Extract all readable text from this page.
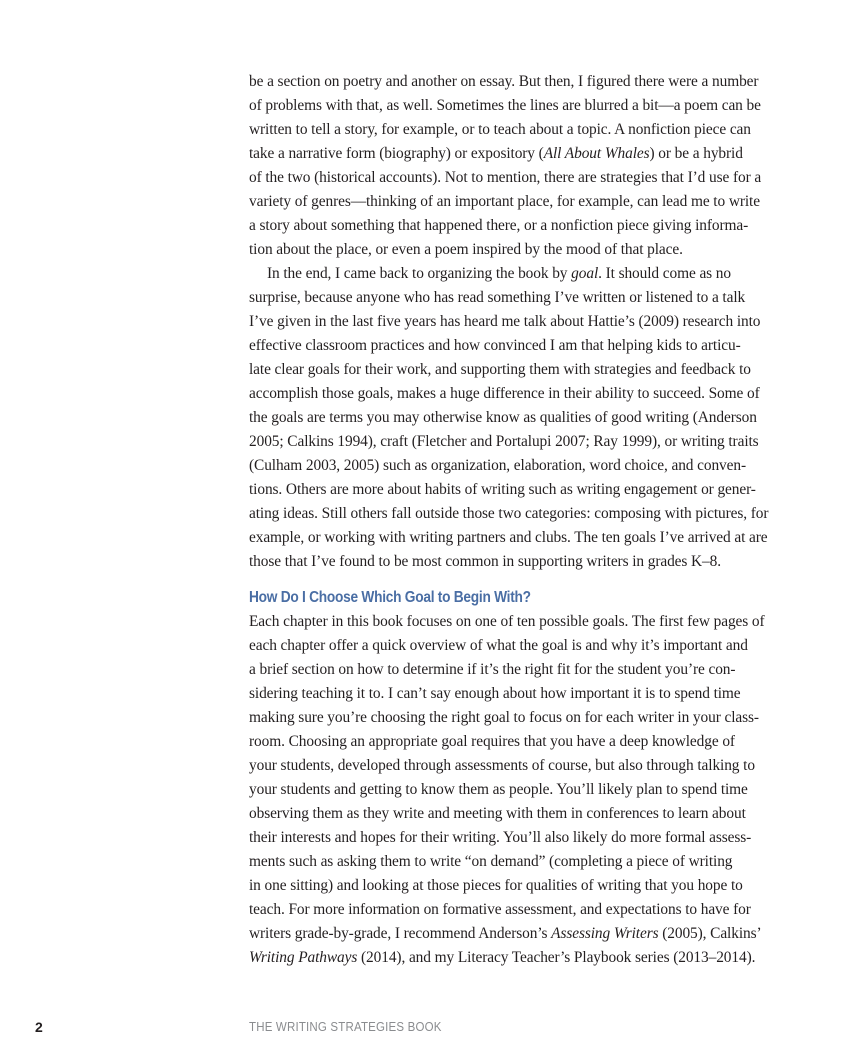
be a section on poetry and another on essay. But then, I figured there were a number
of problems with that, as well. Sometimes the lines are blurred a bit—a poem can be
written to tell a story, for example, or to teach about a topic. A nonfiction piece can
take a narrative form (biography) or expository (All About Whales) or be a hybrid
of the two (historical accounts). Not to mention, there are strategies that I’d use for a
variety of genres—thinking of an important place, for example, can lead me to write
a story about something that happened there, or a nonfiction piece giving informa-
tion about the place, or even a poem inspired by the mood of that place.
In the end, I came back to organizing the book by goal. It should come as no
surprise, because anyone who has read something I’ve written or listened to a talk
I’ve given in the last five years has heard me talk about Hattie’s (2009) research into
effective classroom practices and how convinced I am that helping kids to articu-
late clear goals for their work, and supporting them with strategies and feedback to
accomplish those goals, makes a huge difference in their ability to succeed. Some of
the goals are terms you may otherwise know as qualities of good writing (Anderson
2005; Calkins 1994), craft (Fletcher and Portalupi 2007; Ray 1999), or writing traits
(Culham 2003, 2005) such as organization, elaboration, word choice, and conven-
tions. Others are more about habits of writing such as writing engagement or gener-
ating ideas. Still others fall outside those two categories: composing with pictures, for
example, or working with writing partners and clubs. The ten goals I’ve arrived at are
those that I’ve found to be most common in supporting writers in grades K–8.
How Do I Choose Which Goal to Begin With?
Each chapter in this book focuses on one of ten possible goals. The first few pages of
each chapter offer a quick overview of what the goal is and why it’s important and
a brief section on how to determine if it’s the right fit for the student you’re con-
sidering teaching it to. I can’t say enough about how important it is to spend time
making sure you’re choosing the right goal to focus on for each writer in your class-
room. Choosing an appropriate goal requires that you have a deep knowledge of
your students, developed through assessments of course, but also through talking to
your students and getting to know them as people. You’ll likely plan to spend time
observing them as they write and meeting with them in conferences to learn about
their interests and hopes for their writing. You’ll also likely do more formal assess-
ments such as asking them to write “on demand” (completing a piece of writing
in one sitting) and looking at those pieces for qualities of writing that you hope to
teach. For more information on formative assessment, and expectations to have for
writers grade-by-grade, I recommend Anderson’s Assessing Writers (2005), Calkins’
Writing Pathways (2014), and my Literacy Teacher’s Playbook series (2013–2014).
2	THE WRITING STRATEGIES BOOK
